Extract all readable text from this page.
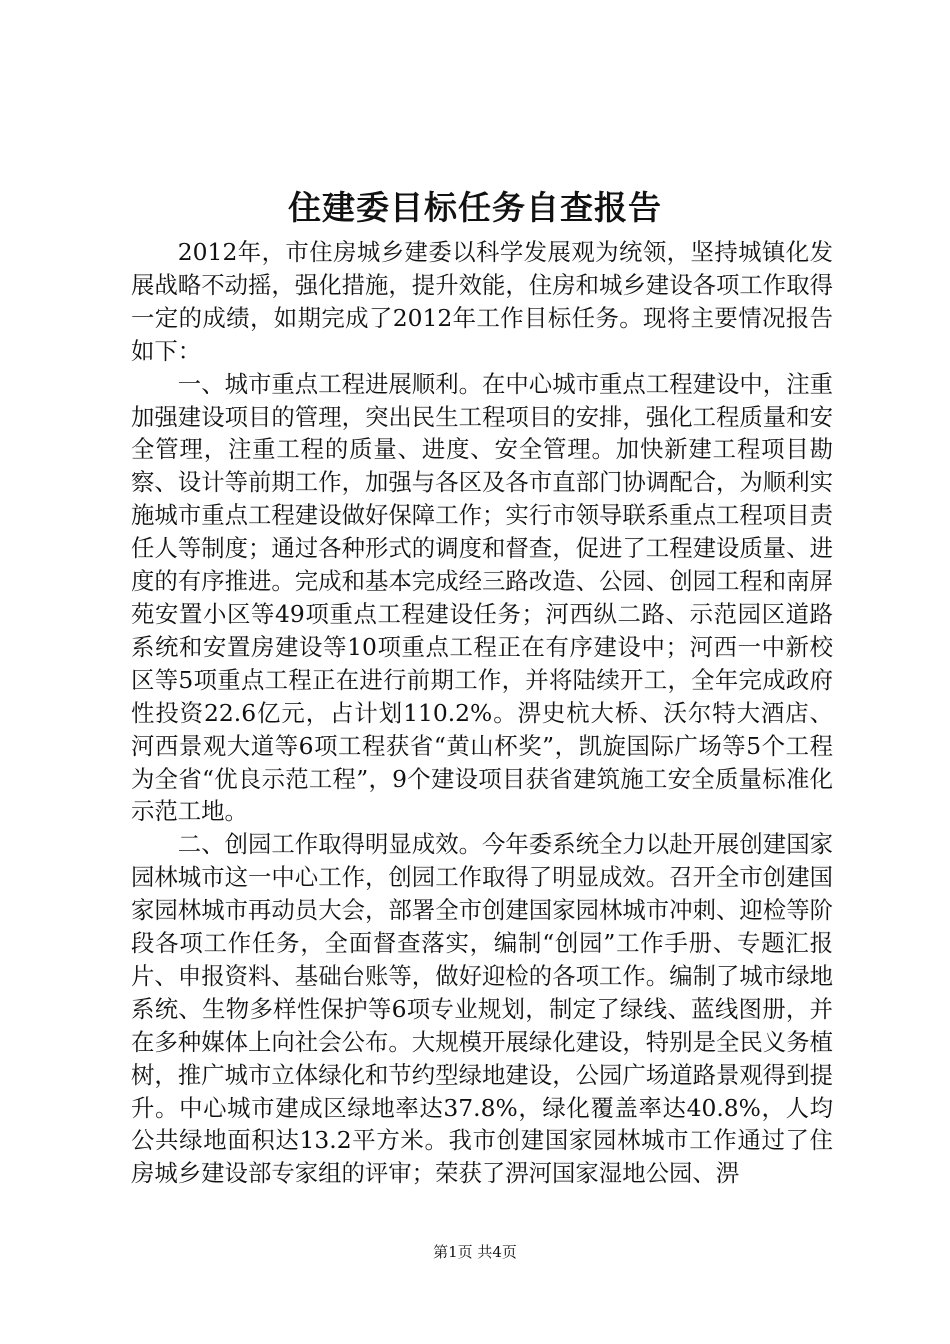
住建委目标任务自查报告

2012年，市住房城乡建委以科学发展观为统领，坚持城镇化发展战略不动摇，强化措施，提升效能，住房和城乡建设各项工作取得一定的成绩，如期完成了2012年工作目标任务。现将主要情况报告如下：

一、城市重点工程进展顺利。在中心城市重点工程建设中，注重加强建设项目的管理，突出民生工程项目的安排，强化工程质量和安全管理，注重工程的质量、进度、安全管理。加快新建工程项目勘察、设计等前期工作，加强与各区及各市直部门协调配合，为顺利实施城市重点工程建设做好保障工作；实行市领导联系重点工程项目责任人等制度；通过各种形式的调度和督查，促进了工程建设质量、进度的有序推进。完成和基本完成经三路改造、公园、创园工程和南屏苑安置小区等49项重点工程建设任务；河西纵二路、示范园区道路系统和安置房建设等10项重点工程正在有序建设中；河西一中新校区等5项重点工程正在进行前期工作，并将陆续开工，全年完成政府性投资22.6亿元，占计划110.2%。淠史杭大桥、沃尔特大酒店、河西景观大道等6项工程获省“黄山杯奖”，凯旋国际广场等5个工程为全省“优良示范工程”，9个建设项目获省建筑施工安全质量标准化示范工地。

二、创园工作取得明显成效。今年委系统全力以赴开展创建国家园林城市这一中心工作，创园工作取得了明显成效。召开全市创建国家园林城市再动员大会，部署全市创建国家园林城市冲刺、迎检等阶段各项工作任务，全面督查落实，编制“创园”工作手册、专题汇报片、申报资料、基础台账等，做好迎检的各项工作。编制了城市绿地系统、生物多样性保护等6项专业规划，制定了绿线、蓝线图册，并在多种媒体上向社会公布。大规模开展绿化建设，特别是全民义务植树，推广城市立体绿化和节约型绿地建设，公园广场道路景观得到提升。中心城市建成区绿地率达37.8%，绿化覆盖率达40.8%，人均公共绿地面积达13.2平方米。我市创建国家园林城市工作通过了住房城乡建设部专家组的评审；荣获了淠河国家湿地公园、淠

第1页 共4页
